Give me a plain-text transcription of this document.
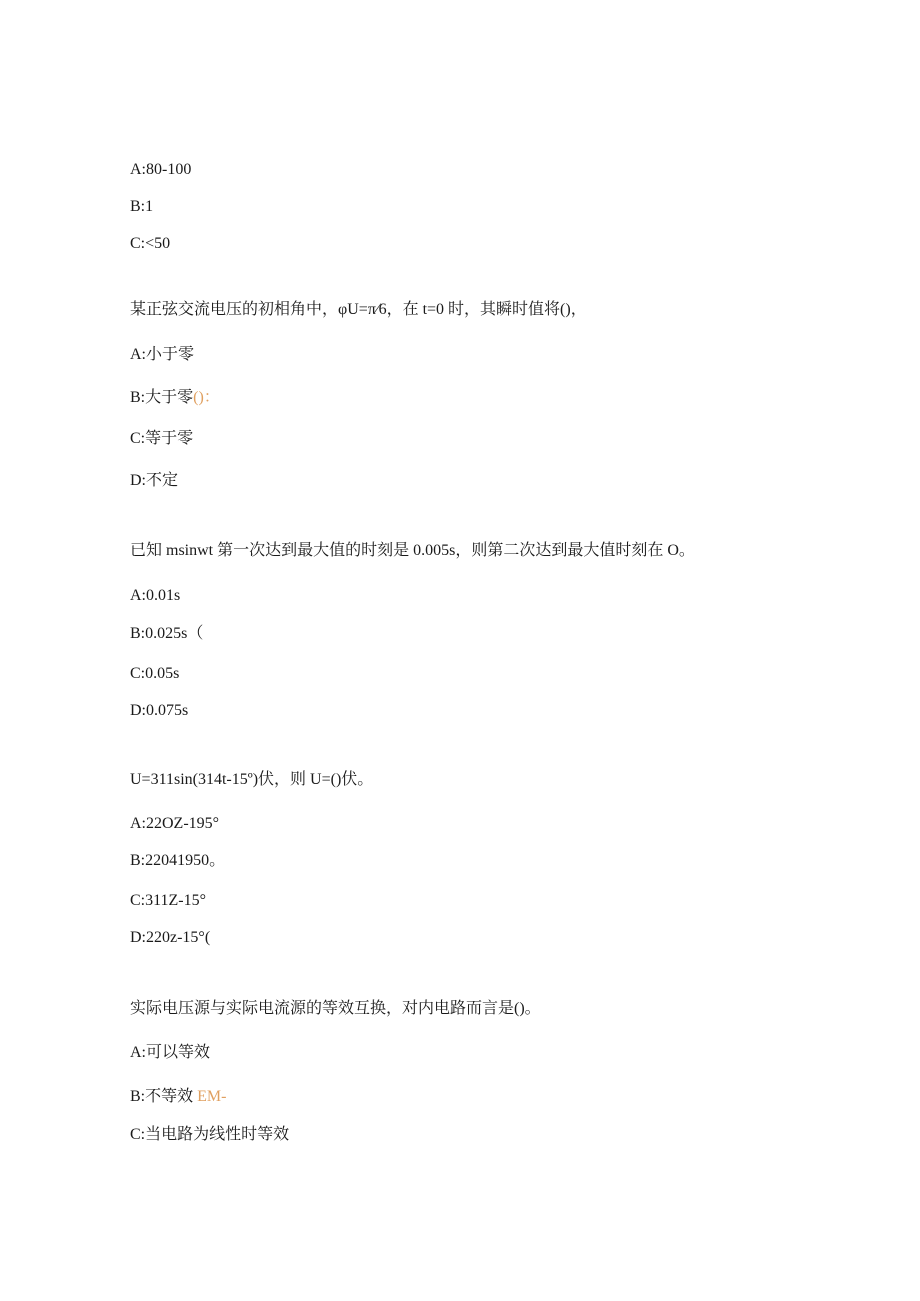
A:80-100
B:1
C:<50
某正弦交流电压的初相角中，φU=π⁄6，在 t=0 时，其瞬时值将()，
A:小于零
B:大于零()：
C:等于零
D:不定
已知 msinwt 第一次达到最大值的时刻是 0.005s，则第二次达到最大值时刻在 O。
A:0.01s
B:0.025s（
C:0.05s
D:0.075s
U=311sin(314t-15º)伏，则 U=()伏。
A:22OZ-195°
B:22041950。
C:311Z-15°
D:220z-15°(
实际电压源与实际电流源的等效互换，对内电路而言是()。
A:可以等效
B:不等效 EM-
C:当电路为线性时等效
